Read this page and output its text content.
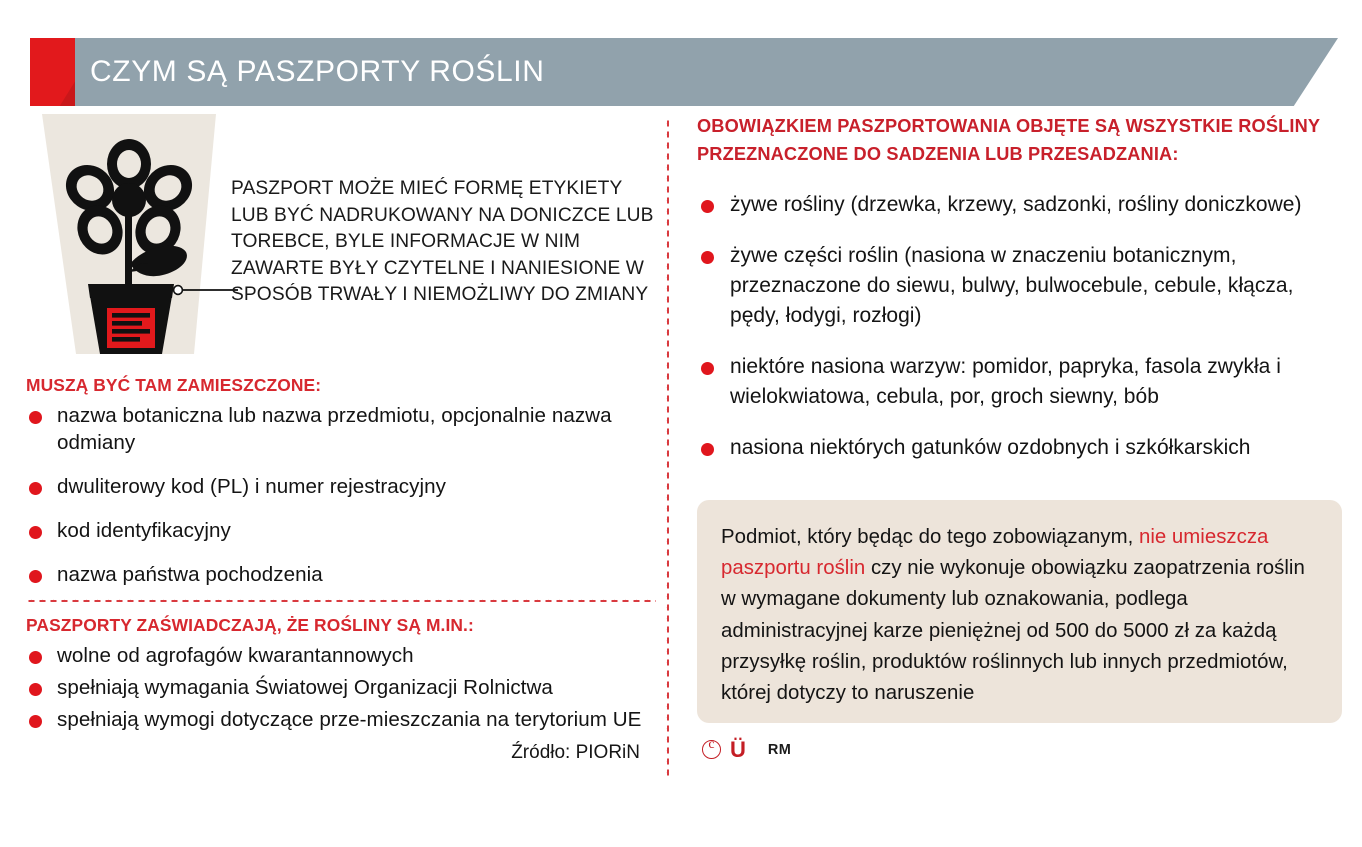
CZYM SĄ PASZPORTY ROŚLIN
PASZPORT MOŻE MIEĆ FORMĘ ETYKIETY LUB BYĆ NADRUKOWANY NA DONICZCE LUB TOREBCE, BYLE INFORMACJE W NIM ZAWARTE BYŁY CZYTELNE I NANIESIONE W SPOSÓB TRWAŁY I NIEMOŻLIWY DO ZMIANY
MUSZĄ BYĆ TAM ZAMIESZCZONE:
nazwa botaniczna lub nazwa przedmiotu, opcjonalnie nazwa odmiany
dwuliterowy kod (PL) i numer rejestracyjny
kod identyfikacyjny
nazwa państwa pochodzenia
PASZPORTY ZAŚWIADCZAJĄ, ŻE ROŚLINY SĄ M.IN.:
wolne od agrofagów kwarantannowych
spełniają wymagania Światowej Organizacji Rolnictwa
spełniają wymogi dotyczące prze-mieszczania na terytorium UE
Źródło: PIORiN
OBOWIĄZKIEM PASZPORTOWANIA OBJĘTE SĄ WSZYSTKIE ROŚLINY PRZEZNACZONE DO SADZENIA LUB PRZESADZANIA:
żywe rośliny (drzewka, krzewy, sadzonki, rośliny doniczkowe)
żywe części roślin (nasiona w znaczeniu botanicznym, przeznaczone do siewu, bulwy, bulwocebule, cebule, kłącza, pędy, łodygi, rozłogi)
niektóre nasiona warzyw: pomidor, papryka, fasola zwykła i wielokwiatowa, cebula, por, groch siewny, bób
nasiona niektórych gatunków ozdobnych i szkółkarskich

Podmiot, który będąc do tego zobowiązanym, nie umieszcza paszportu roślin czy nie wykonuje obowiązku zaopatrzenia roślin w wymagane dokumenty lub oznakowania, podlega administracyjnej karze pieniężnej od 500 do 5000 zł za każdą przysyłkę roślin, produktów roślinnych lub innych przedmiotów, której dotyczy to naruszenie

c
Ü RM
